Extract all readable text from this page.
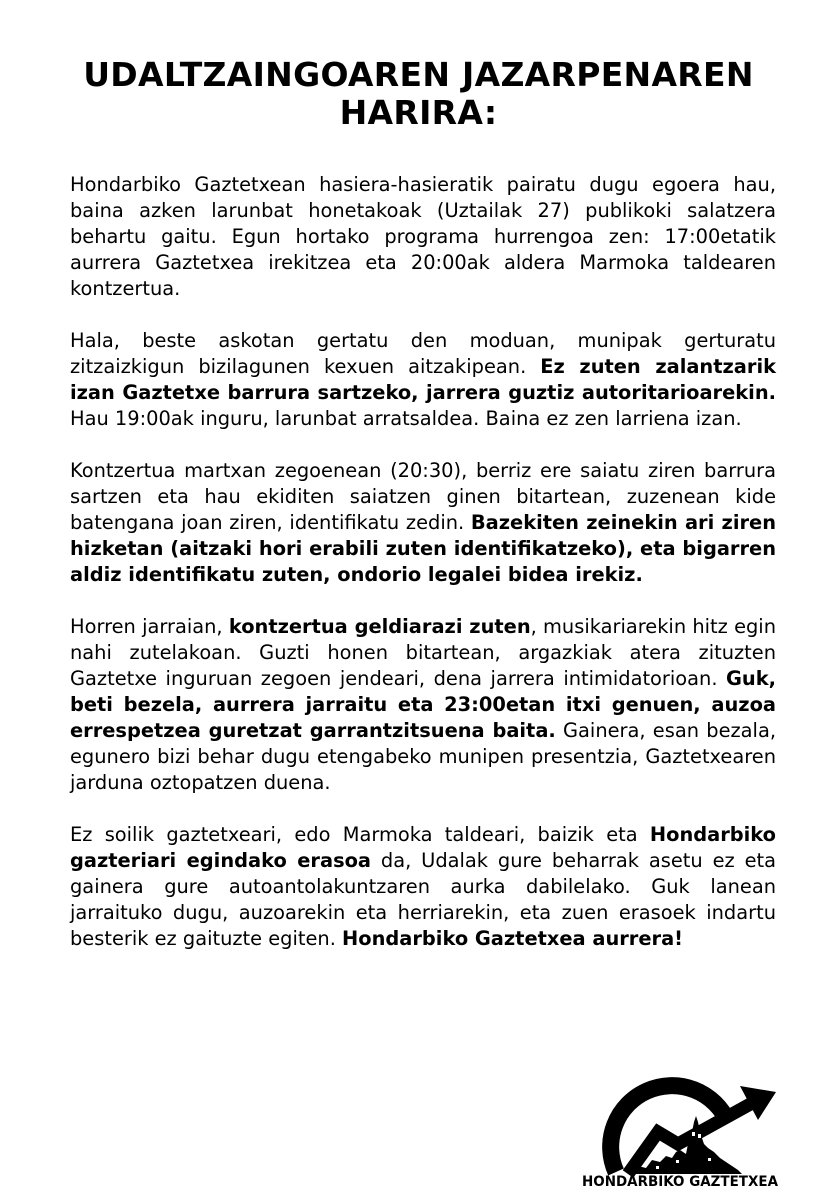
UDALTZAINGOAREN JAZARPENAREN
HARIRA:

Hondarbiko Gaztetxean hasiera-hasieratik pairatu dugu egoera hau, baina azken larunbat honetakoak (Uztailak 27) publikoki salatzera behartu gaitu. Egun hortako programa hurrengoa zen: 17:00etatik aurrera Gaztetxea irekitzea eta 20:00ak aldera Marmoka taldearen kontzertua.

Hala, beste askotan gertatu den moduan, munipak gerturatu zitzaizkigun bizilagunen kexuen aitzakipean. Ez zuten zalantzarik izan Gaztetxe barrura sartzeko, jarrera guztiz autoritarioarekin. Hau 19:00ak inguru, larunbat arratsaldea. Baina ez zen larriena izan.

Kontzertua martxan zegoenean (20:30), berriz ere saiatu ziren barrura sartzen eta hau ekiditen saiatzen ginen bitartean, zuzenean kide batengana joan ziren, identifikatu zedin. Bazekiten zeinekin ari ziren hizketan (aitzaki hori erabili zuten identifikatzeko), eta bigarren aldiz identifikatu zuten, ondorio legalei bidea irekiz.

Horren jarraian, kontzertua geldiarazi zuten, musikariarekin hitz egin nahi zutelakoan. Guzti honen bitartean, argazkiak atera zituzten Gaztetxe inguruan zegoen jendeari, dena jarrera intimidatorioan. Guk, beti bezela, aurrera jarraitu eta 23:00etan itxi genuen, auzoa errespetzea guretzat garrantzitsuena baita. Gainera, esan bezala, egunero bizi behar dugu etengabeko munipen presentzia, Gaztetxearen jarduna oztopatzen duena.

Ez soilik gaztetxeari, edo Marmoka taldeari, baizik eta Hondarbiko gazteriari egindako erasoa da, Udalak gure beharrak asetu ez eta gainera gure autoantolakuntzaren aurka dabilelako. Guk lanean jarraituko dugu, auzoarekin eta herriarekin, eta zuen erasoek indartu besterik ez gaituzte egiten. Hondarbiko Gaztetxea aurrera!

HONDARBIKO GAZTETXEA
